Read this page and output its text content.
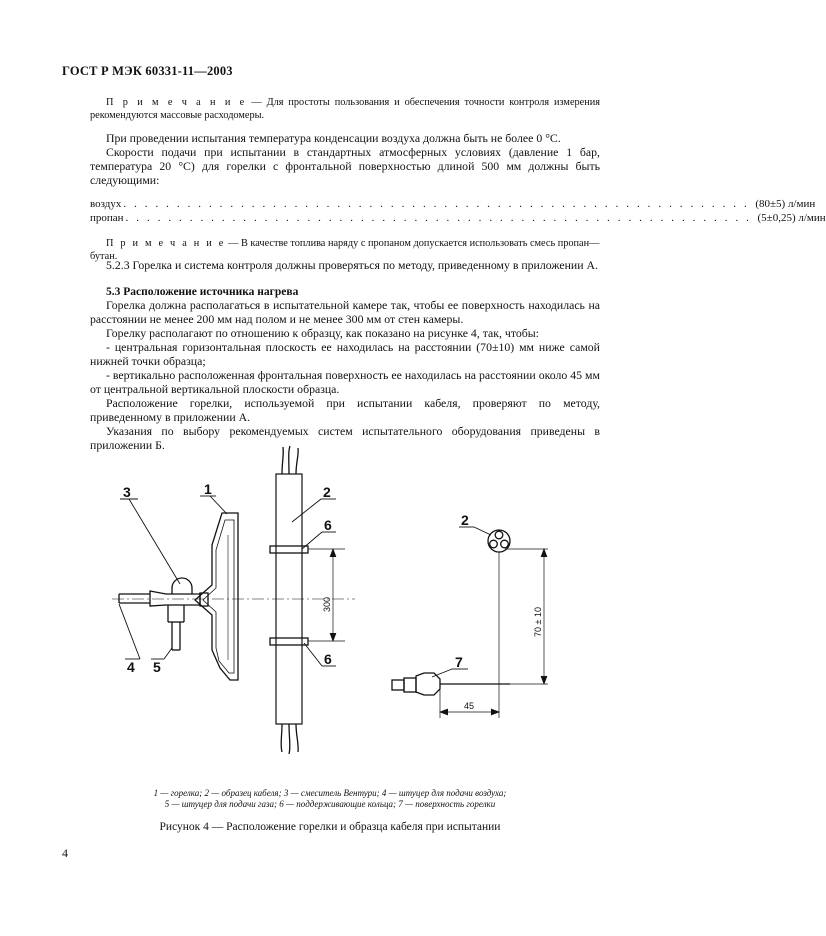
ГОСТ Р МЭК 60331-11—2003
П р и м е ч а н и е — Для простоты пользования и обеспечения точности контроля измерения рекомендуются массовые расходомеры.
При проведении испытания температура конденсации воздуха должна быть не более 0 °С.
Скорости подачи при испытании в стандартных атмосферных условиях (давление 1 бар, температура 20 °С) для горелки с фронтальной поверхностью длиной 500 мм должны быть следующими:
воздух . . . . . . . . . . . . . . . . . . . . . . . . . . . . . . . . . . . . . . . . . . . . . . . . . . . . . . . . . . . (80±5) л/мин
пропан . . . . . . . . . . . . . . . . . . . . . . . . . . . . . . . . . . . . . . . . . . . . . . . . . . . . . . . . . . . (5±0,25) л/мин
П р и м е ч а н и е — В качестве топлива наряду с пропаном допускается использовать смесь пропан—бутан.
5.2.3 Горелка и система контроля должны проверяться по методу, приведенному в приложении А.
5.3 Расположение источника нагрева
Горелка должна располагаться в испытательной камере так, чтобы ее поверхность находилась на расстоянии не менее 200 мм над полом и не менее 300 мм от стен камеры.
Горелку располагают по отношению к образцу, как показано на рисунке 4, так, чтобы:
- центральная горизонтальная плоскость ее находилась на расстоянии (70±10) мм ниже самой нижней точки образца;
- вертикально расположенная фронтальная поверхность ее находилась на расстоянии около 45 мм от центральной вертикальной плоскости образца.
Расположение горелки, используемой при испытании кабеля, проверяют по методу, приведенному в приложении А.
Указания по выбору рекомендуемых систем испытательного оборудования приведены в приложении Б.
3	1	2
6
6
4 5
2
7
300
70 ± 10
45
1 — горелка; 2 — образец кабеля; 3 — смеситель Вентури; 4 — штуцер для подачи воздуха;
5 — штуцер для подачи газа; 6 — поддерживающие кольца; 7 — поверхность горелки
Рисунок 4 — Расположение горелки и образца кабеля при испытании
4
